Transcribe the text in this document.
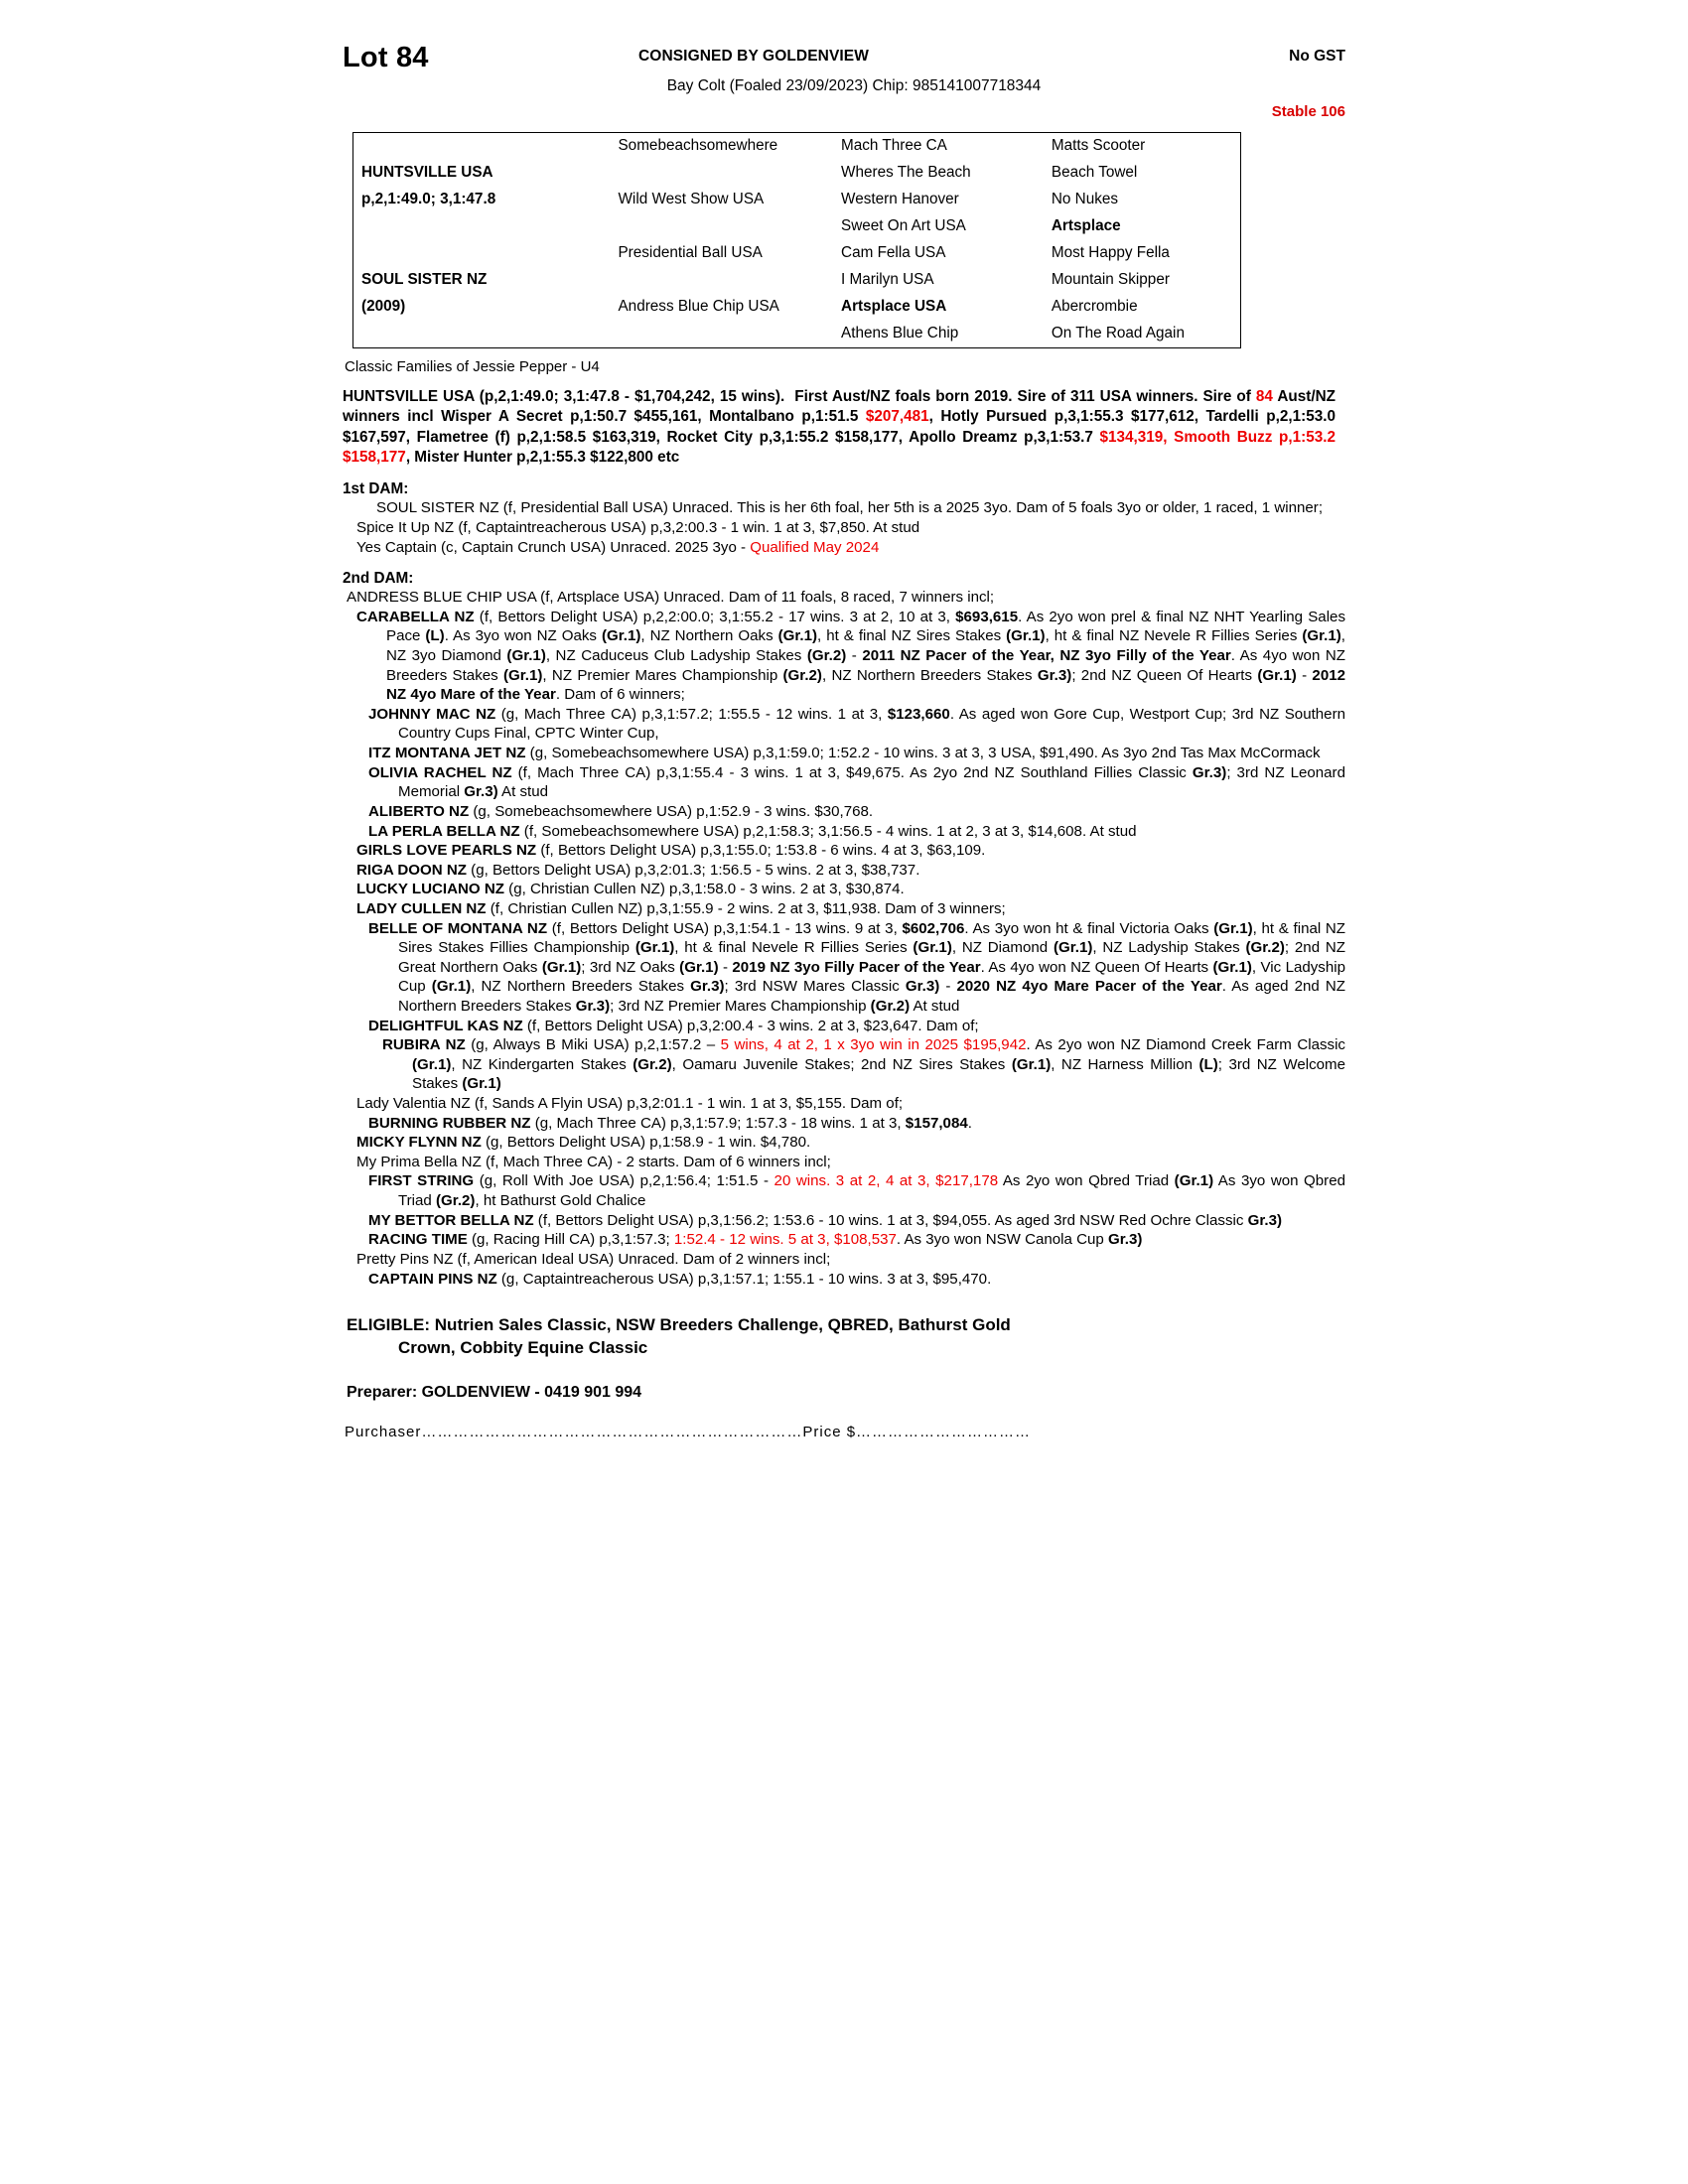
Lot 84	CONSIGNED BY GOLDENVIEW	No GST
Bay Colt (Foaled 23/09/2023) Chip: 985141007718344
Stable 106
	Somebeachsomewhere	Mach Three CA	Matts Scooter
HUNTSVILLE USA		Wheres The Beach	Beach Towel
p,2,1:49.0; 3,1:47.8	Wild West Show USA	Western Hanover	No Nukes
		Sweet On Art USA	Artsplace
	Presidential Ball USA	Cam Fella USA	Most Happy Fella
SOUL SISTER NZ		I Marilyn USA	Mountain Skipper
(2009)	Andress Blue Chip USA	Artsplace USA	Abercrombie
		Athens Blue Chip	On The Road Again
Classic Families of Jessie Pepper - U4
HUNTSVILLE USA (p,2,1:49.0; 3,1:47.8 - $1,704,242, 15 wins).  First Aust/NZ foals born 2019. Sire of 311 USA winners. Sire of 84 Aust/NZ winners incl Wisper A Secret p,1:50.7 $455,161, Montalbano p,1:51.5 $207,481, Hotly Pursued p,3,1:55.3 $177,612, Tardelli p,2,1:53.0 $167,597, Flametree (f) p,2,1:58.5 $163,319, Rocket City p,3,1:55.2 $158,177, Apollo Dreamz p,3,1:53.7 $134,319, Smooth Buzz p,1:53.2 $158,177, Mister Hunter p,2,1:55.3 $122,800 etc
1st DAM:

SOUL SISTER NZ (f, Presidential Ball USA) Unraced. This is her 6th foal, her 5th is a 2025 3yo. Dam of 5 foals 3yo or older, 1 raced, 1 winner;

Spice It Up NZ (f, Captaintreacherous USA) p,3,2:00.3 - 1 win. 1 at 3, $7,850. At stud

Yes Captain (c, Captain Crunch USA) Unraced. 2025 3yo - Qualified May 2024

2nd DAM:

ANDRESS BLUE CHIP USA (f, Artsplace USA) Unraced. Dam of 11 foals, 8 raced, 7 winners incl;

CARABELLA NZ (f, Bettors Delight USA) p,2,2:00.0; 3,1:55.2 - 17 wins. 3 at 2, 10 at 3, $693,615. As 2yo won prel & final NZ NHT Yearling Sales Pace (L). As 3yo won NZ Oaks (Gr.1), NZ Northern Oaks (Gr.1), ht & final NZ Sires Stakes (Gr.1), ht & final NZ Nevele R Fillies Series (Gr.1), NZ 3yo Diamond (Gr.1), NZ Caduceus Club Ladyship Stakes (Gr.2) - 2011 NZ Pacer of the Year, NZ 3yo Filly of the Year. As 4yo won NZ Breeders Stakes (Gr.1), NZ Premier Mares Championship (Gr.2), NZ Northern Breeders Stakes Gr.3); 2nd NZ Queen Of Hearts (Gr.1) - 2012 NZ 4yo Mare of the Year. Dam of 6 winners;

JOHNNY MAC NZ (g, Mach Three CA) p,3,1:57.2; 1:55.5 - 12 wins. 1 at 3, $123,660. As aged won Gore Cup, Westport Cup; 3rd NZ Southern Country Cups Final, CPTC Winter Cup,

ITZ MONTANA JET NZ (g, Somebeachsomewhere USA) p,3,1:59.0; 1:52.2 - 10 wins. 3 at 3, 3 USA, $91,490. As 3yo 2nd Tas Max McCormack

OLIVIA RACHEL NZ (f, Mach Three CA) p,3,1:55.4 - 3 wins. 1 at 3, $49,675. As 2yo 2nd NZ Southland Fillies Classic Gr.3); 3rd NZ Leonard Memorial Gr.3) At stud

ALIBERTO NZ (g, Somebeachsomewhere USA) p,1:52.9 - 3 wins. $30,768.

LA PERLA BELLA NZ (f, Somebeachsomewhere USA) p,2,1:58.3; 3,1:56.5 - 4 wins. 1 at 2, 3 at 3, $14,608. At stud

GIRLS LOVE PEARLS NZ (f, Bettors Delight USA) p,3,1:55.0; 1:53.8 - 6 wins. 4 at 3, $63,109.

RIGA DOON NZ (g, Bettors Delight USA) p,3,2:01.3; 1:56.5 - 5 wins. 2 at 3, $38,737.

LUCKY LUCIANO NZ (g, Christian Cullen NZ) p,3,1:58.0 - 3 wins. 2 at 3, $30,874.

LADY CULLEN NZ (f, Christian Cullen NZ) p,3,1:55.9 - 2 wins. 2 at 3, $11,938. Dam of 3 winners;

BELLE OF MONTANA NZ (f, Bettors Delight USA) p,3,1:54.1 - 13 wins. 9 at 3, $602,706. As 3yo won ht & final Victoria Oaks (Gr.1), ht & final NZ Sires Stakes Fillies Championship (Gr.1), ht & final Nevele R Fillies Series (Gr.1), NZ Diamond (Gr.1), NZ Ladyship Stakes (Gr.2); 2nd NZ Great Northern Oaks (Gr.1); 3rd NZ Oaks (Gr.1) - 2019 NZ 3yo Filly Pacer of the Year. As 4yo won NZ Queen Of Hearts (Gr.1), Vic Ladyship Cup (Gr.1), NZ Northern Breeders Stakes Gr.3); 3rd NSW Mares Classic Gr.3) - 2020 NZ 4yo Mare Pacer of the Year. As aged 2nd NZ Northern Breeders Stakes Gr.3); 3rd NZ Premier Mares Championship (Gr.2) At stud

DELIGHTFUL KAS NZ (f, Bettors Delight USA) p,3,2:00.4 - 3 wins. 2 at 3, $23,647. Dam of;

RUBIRA NZ (g, Always B Miki USA) p,2,1:57.2 – 5 wins, 4 at 2, 1 x 3yo win in 2025 $195,942. As 2yo won NZ Diamond Creek Farm Classic (Gr.1), NZ Kindergarten Stakes (Gr.2), Oamaru Juvenile Stakes; 2nd NZ Sires Stakes (Gr.1), NZ Harness Million (L); 3rd NZ Welcome Stakes (Gr.1)

Lady Valentia NZ (f, Sands A Flyin USA) p,3,2:01.1 - 1 win. 1 at 3, $5,155. Dam of;

BURNING RUBBER NZ (g, Mach Three CA) p,3,1:57.9; 1:57.3 - 18 wins. 1 at 3, $157,084.

MICKY FLYNN NZ (g, Bettors Delight USA) p,1:58.9 - 1 win. $4,780.

My Prima Bella NZ (f, Mach Three CA) - 2 starts. Dam of 6 winners incl;

FIRST STRING (g, Roll With Joe USA) p,2,1:56.4; 1:51.5 - 20 wins. 3 at 2, 4 at 3, $217,178 As 2yo won Qbred Triad (Gr.1) As 3yo won Qbred Triad (Gr.2), ht Bathurst Gold Chalice

MY BETTOR BELLA NZ (f, Bettors Delight USA) p,3,1:56.2; 1:53.6 - 10 wins. 1 at 3, $94,055. As aged 3rd NSW Red Ochre Classic Gr.3)

RACING TIME (g, Racing Hill CA) p,3,1:57.3; 1:52.4 - 12 wins. 5 at 3, $108,537. As 3yo won NSW Canola Cup Gr.3)

Pretty Pins NZ (f, American Ideal USA) Unraced. Dam of 2 winners incl;

CAPTAIN PINS NZ (g, Captaintreacherous USA) p,3,1:57.1; 1:55.1 - 10 wins. 3 at 3, $95,470.

ELIGIBLE: Nutrien Sales Classic, NSW Breeders Challenge, QBRED, Bathurst Gold
Crown, Cobbity Equine Classic
Preparer: GOLDENVIEW - 0419 901 994
Purchaser………………………………………………………………Price $……………………………
